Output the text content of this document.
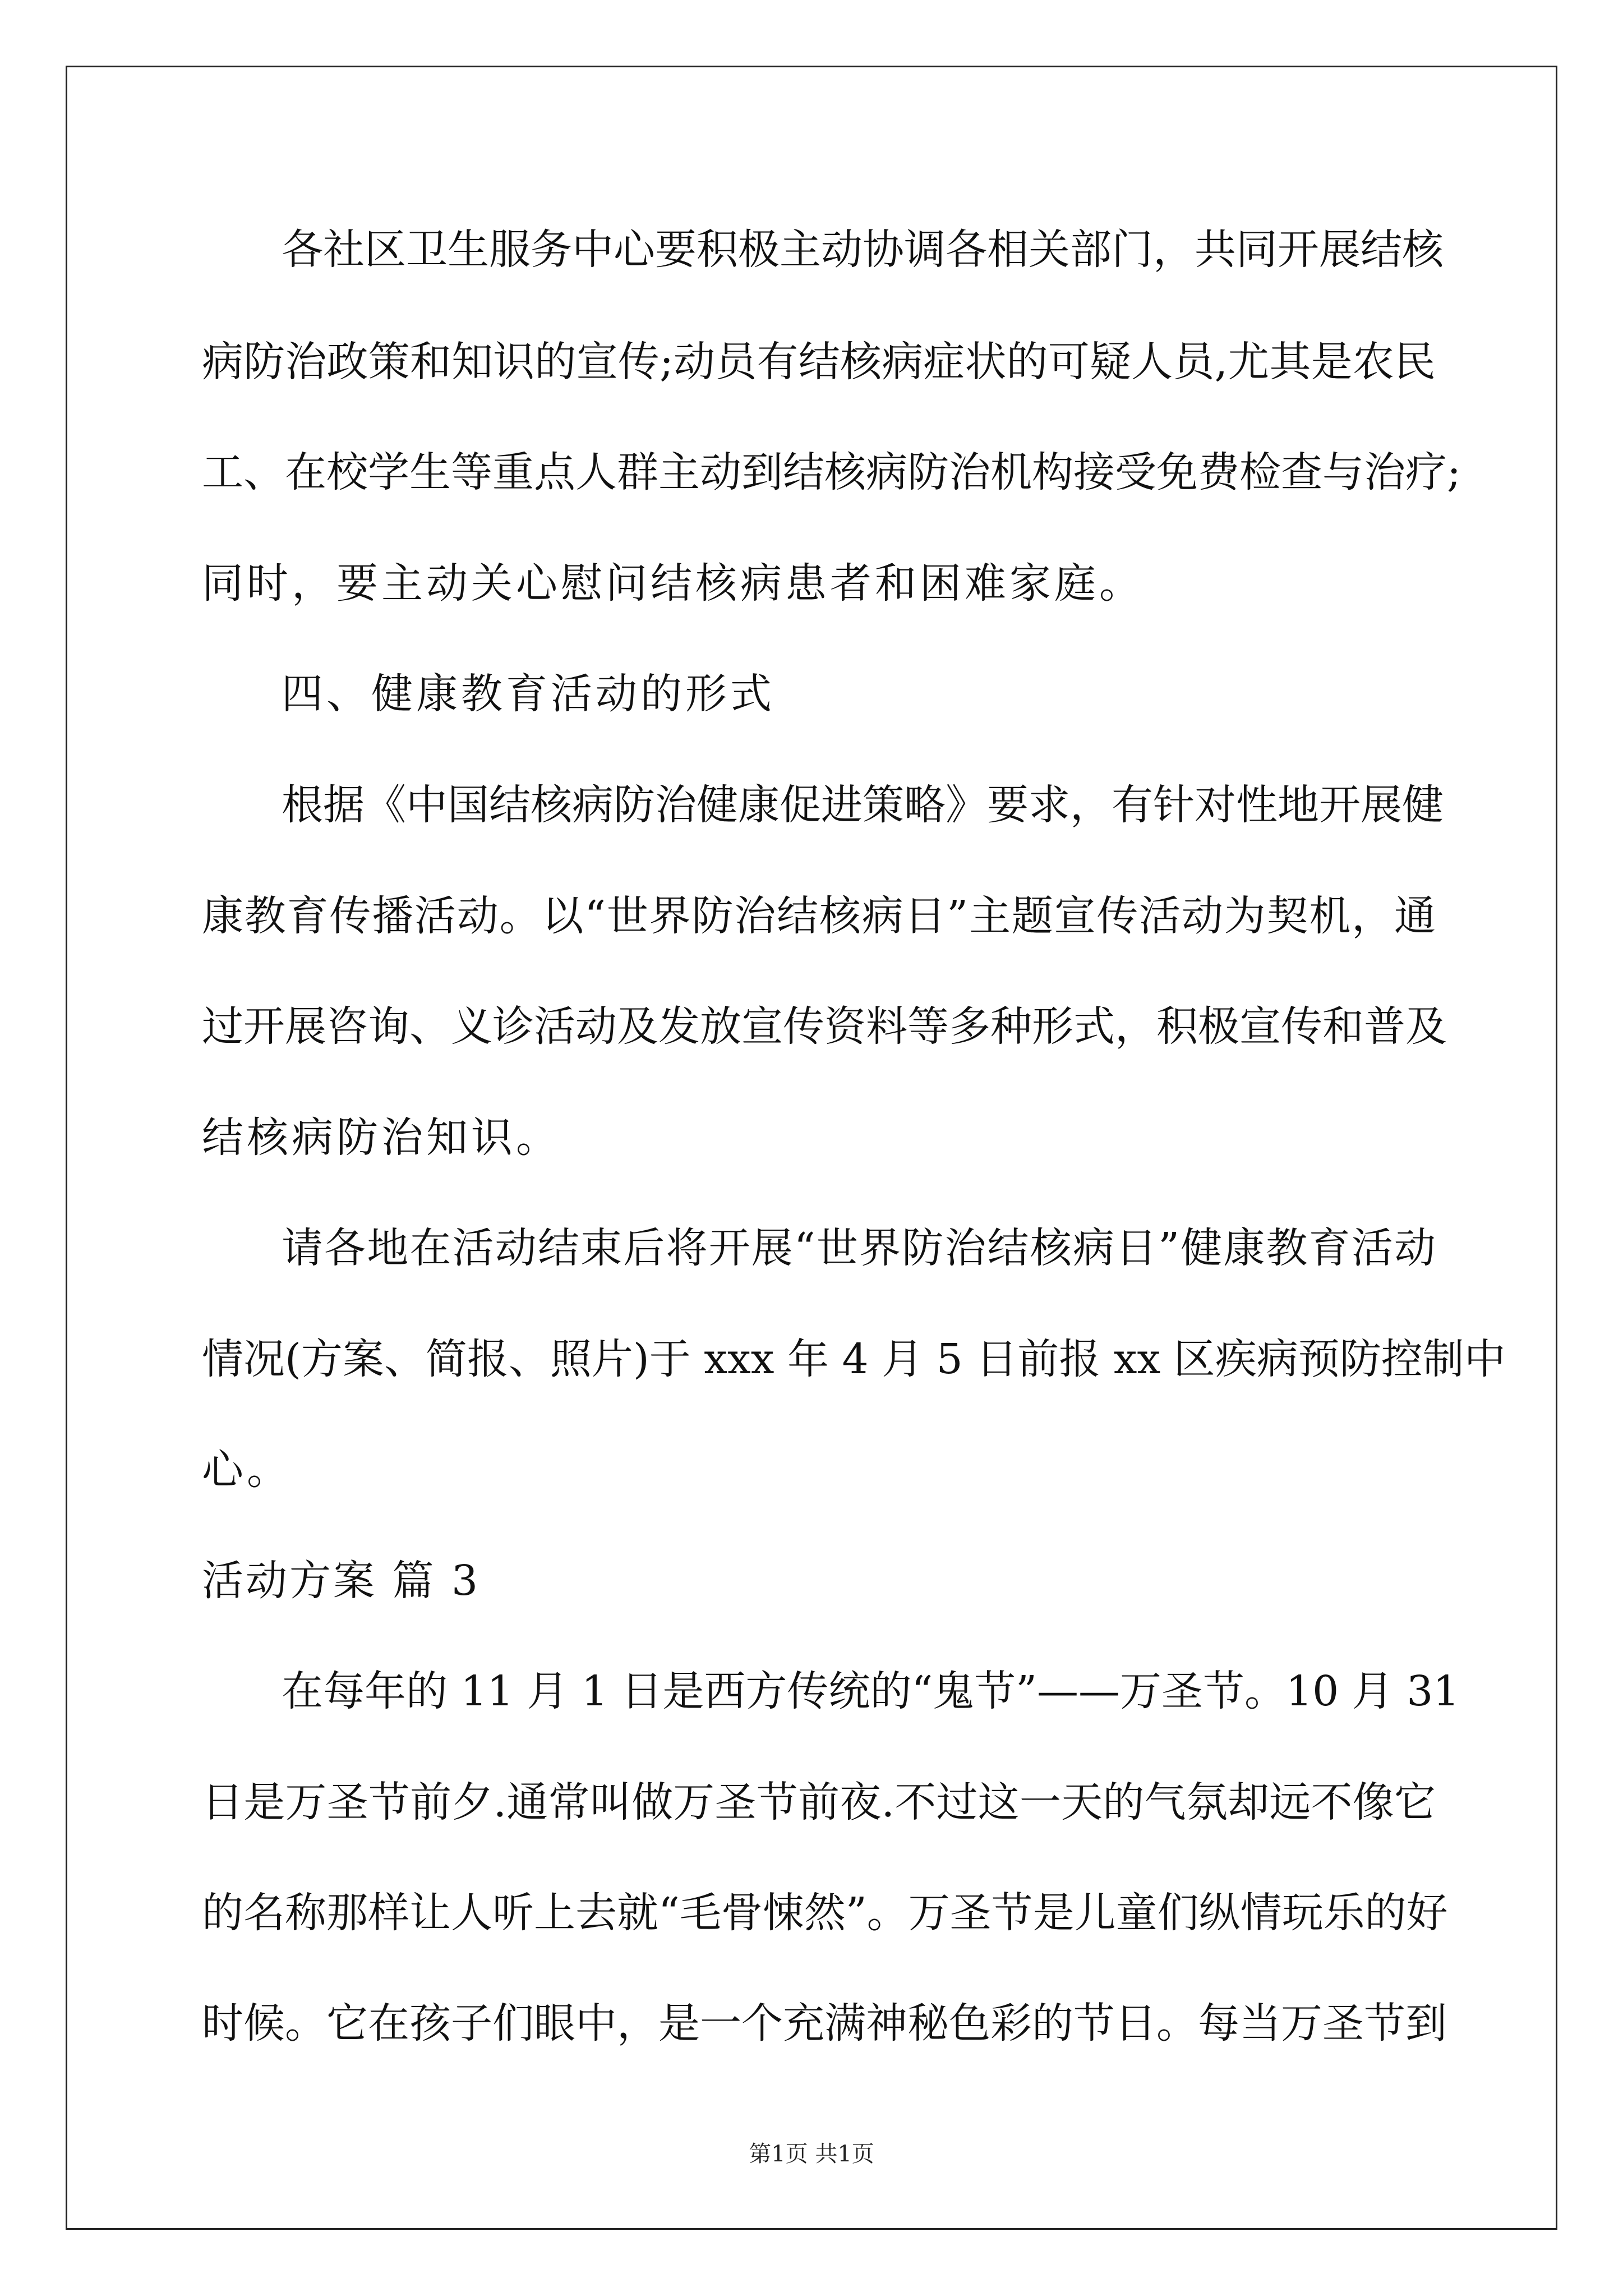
各社区卫生服务中心要积极主动协调各相关部门，共同开展结核
病防治政策和知识的宣传;动员有结核病症状的可疑人员,尤其是农民
工、在校学生等重点人群主动到结核病防治机构接受免费检查与治疗;
同时，要主动关心慰问结核病患者和困难家庭。
四、健康教育活动的形式
根据《中国结核病防治健康促进策略》要求，有针对性地开展健
康教育传播活动。以“世界防治结核病日”主题宣传活动为契机，通
过开展咨询、义诊活动及发放宣传资料等多种形式，积极宣传和普及
结核病防治知识。
请各地在活动结束后将开展“世界防治结核病日”健康教育活动
情况(方案、简报、照片)于 xxx 年 4 月 5 日前报 xx 区疾病预防控制中
心。
活动方案 篇 3
在每年的 11 月 1 日是西方传统的“鬼节”——万圣节。10 月 31
日是万圣节前夕.通常叫做万圣节前夜.不过这一天的气氛却远不像它
的名称那样让人听上去就“毛骨悚然”。万圣节是儿童们纵情玩乐的好
时候。它在孩子们眼中，是一个充满神秘色彩的节日。每当万圣节到
第1页 共1页
